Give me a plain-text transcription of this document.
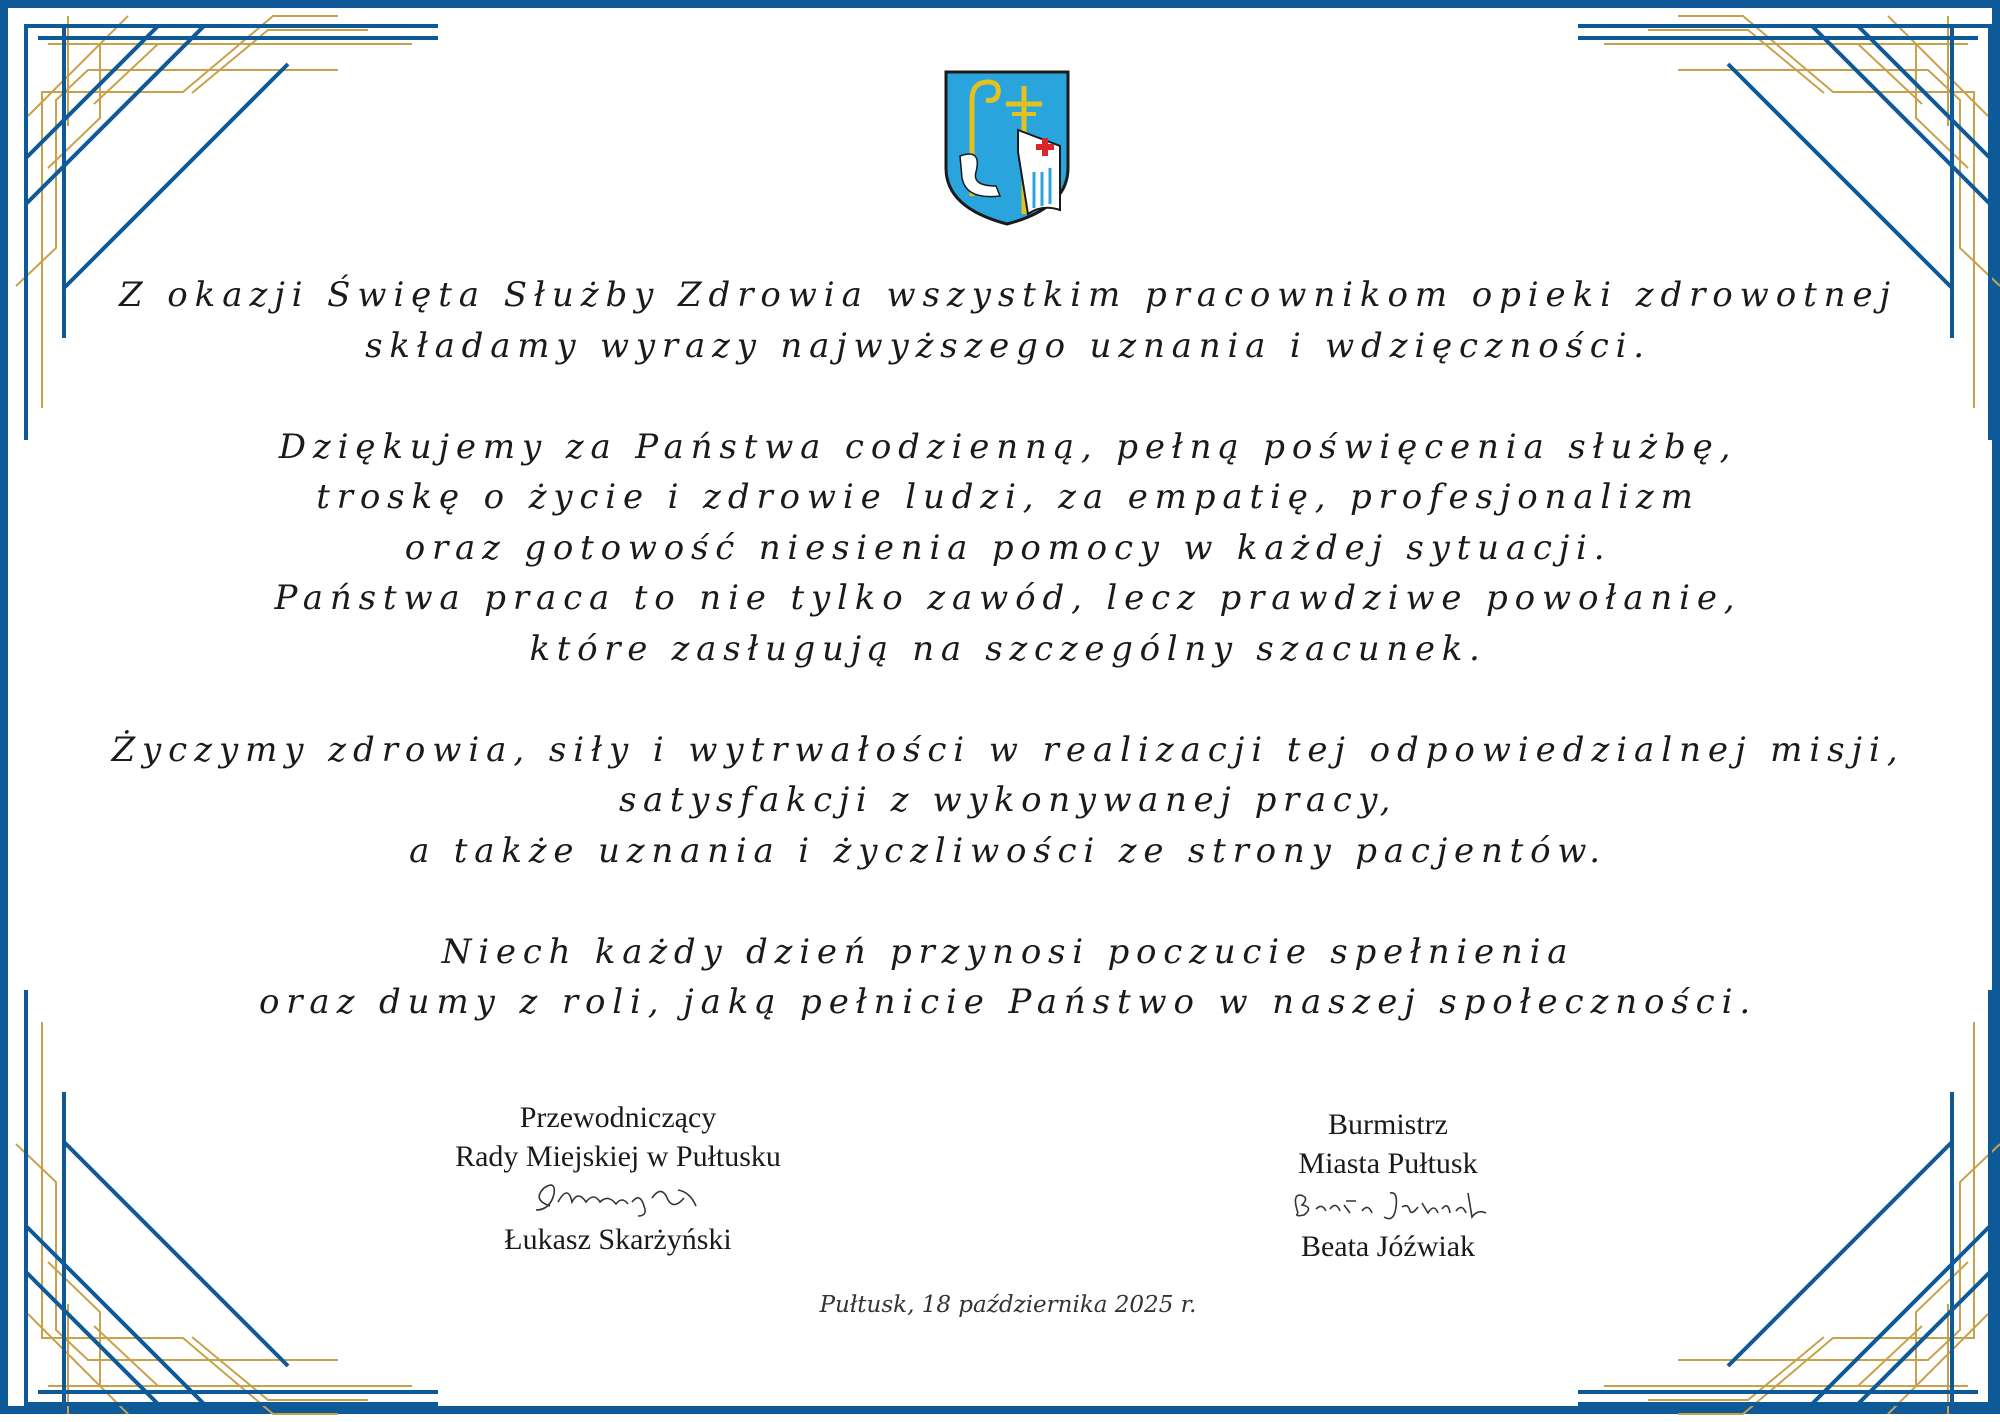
Z okazji Święta Służby Zdrowia wszystkim pracownikom opieki zdrowotnej
składamy wyrazy najwyższego uznania i wdzięczności.

Dziękujemy za Państwa codzienną, pełną poświęcenia służbę,
troskę o życie i zdrowie ludzi, za empatię, profesjonalizm
oraz gotowość niesienia pomocy w każdej sytuacji.
Państwa praca to nie tylko zawód, lecz prawdziwe powołanie,
które zasługują na szczególny szacunek.

Życzymy zdrowia, siły i wytrwałości w realizacji tej odpowiedzialnej misji,
satysfakcji z wykonywanej pracy,
a także uznania i życzliwości ze strony pacjentów.

Niech każdy dzień przynosi poczucie spełnienia
oraz dumy z roli, jaką pełnicie Państwo w naszej społeczności.

Przewodniczący
Rady Miejskiej w Pułtusku
Łukasz Skarżyński
Burmistrz
Miasta Pułtusk
Beata Jóźwiak
Pułtusk, 18 października 2025 r.
